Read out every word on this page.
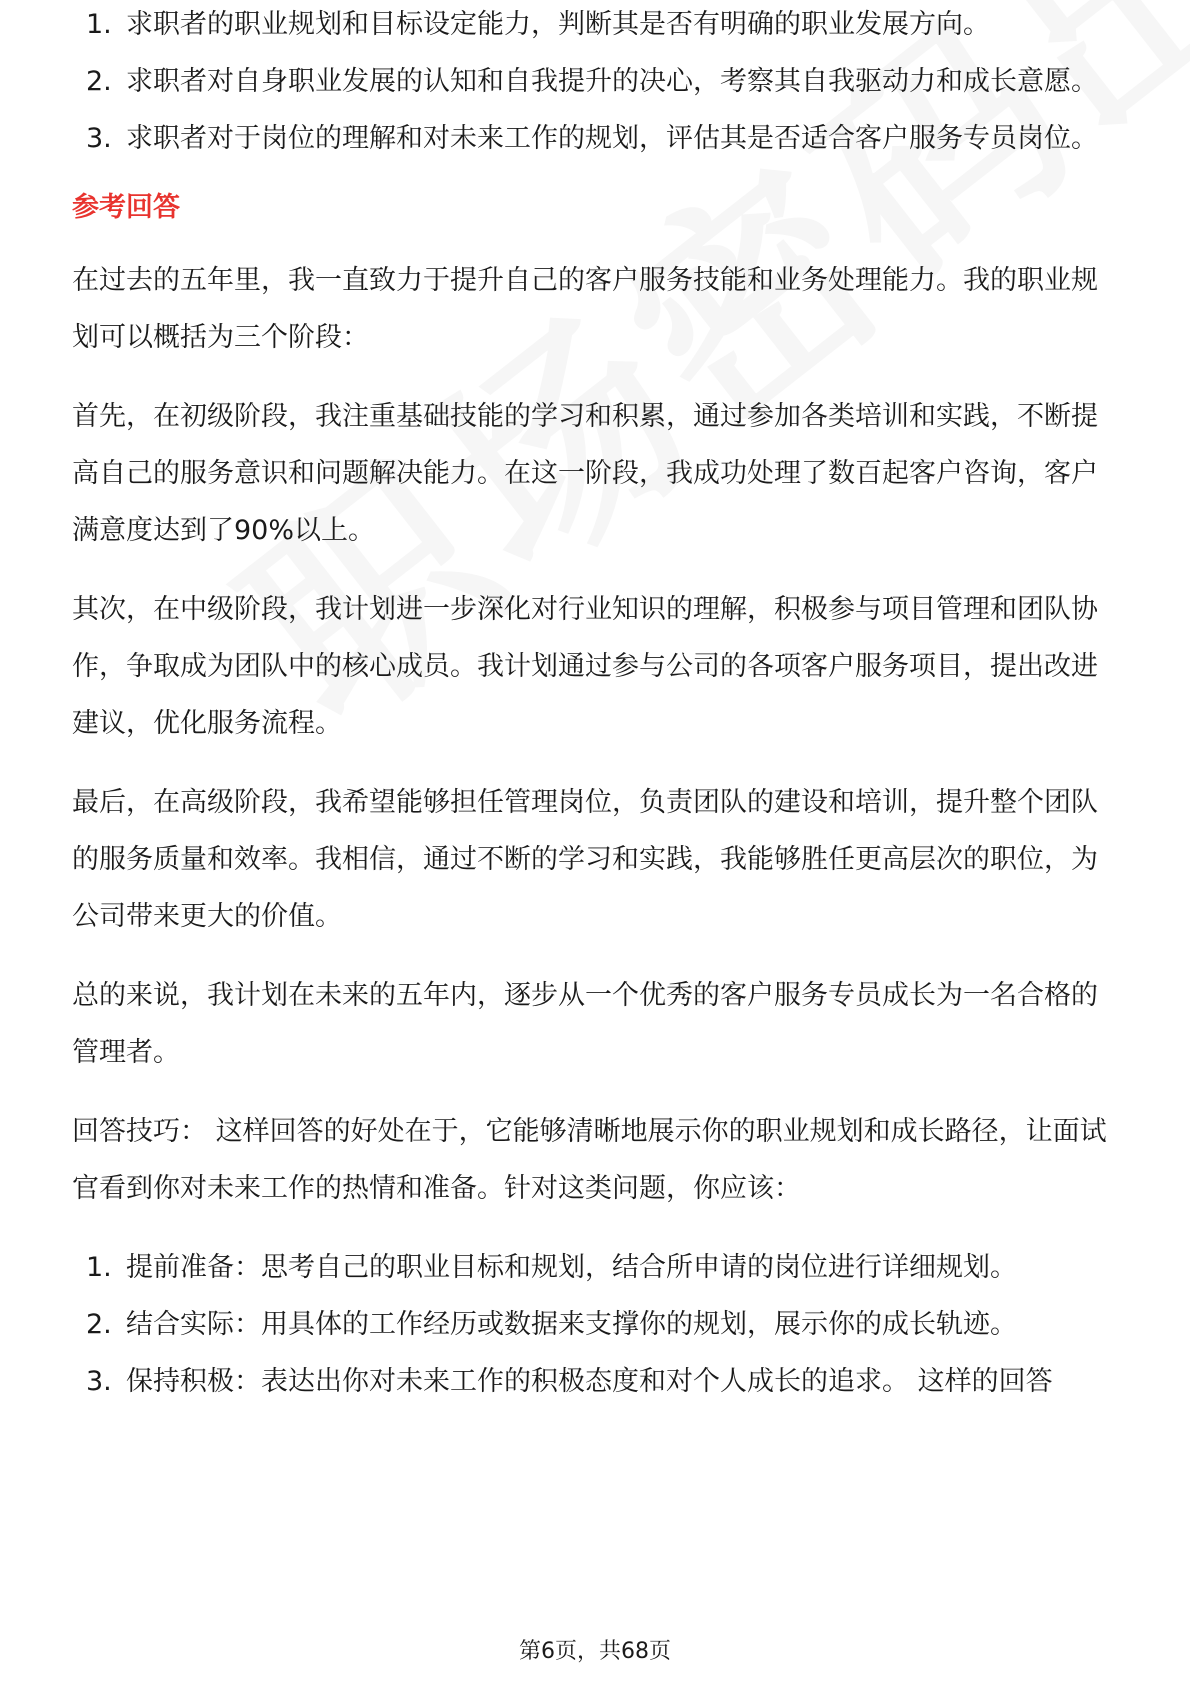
1. 求职者的职业规划和目标设定能力，判断其是否有明确的职业发展方向。
2. 求职者对自身职业发展的认知和自我提升的决心，考察其自我驱动力和成长意愿。
3. 求职者对于岗位的理解和对未来工作的规划，评估其是否适合客户服务专员岗位。
参考回答

在过去的五年里，我一直致力于提升自己的客户服务技能和业务处理能力。我的职业规划可以概括为三个阶段：

首先，在初级阶段，我注重基础技能的学习和积累，通过参加各类培训和实践，不断提高自己的服务意识和问题解决能力。在这一阶段，我成功处理了数百起客户咨询，客户满意度达到了90%以上。

其次，在中级阶段，我计划进一步深化对行业知识的理解，积极参与项目管理和团队协作，争取成为团队中的核心成员。我计划通过参与公司的各项客户服务项目，提出改进建议，优化服务流程。

最后，在高级阶段，我希望能够担任管理岗位，负责团队的建设和培训，提升整个团队的服务质量和效率。我相信，通过不断的学习和实践，我能够胜任更高层次的职位，为公司带来更大的价值。

总的来说，我计划在未来的五年内，逐步从一个优秀的客户服务专员成长为一名合格的管理者。

回答技巧： 这样回答的好处在于，它能够清晰地展示你的职业规划和成长路径，让面试官看到你对未来工作的热情和准备。针对这类问题，你应该：

1. 提前准备：思考自己的职业目标和规划，结合所申请的岗位进行详细规划。
2. 结合实际：用具体的工作经历或数据来支撑你的规划，展示你的成长轨迹。
3. 保持积极：表达出你对未来工作的积极态度和对个人成长的追求。 这样的回答
第6页，共68页
